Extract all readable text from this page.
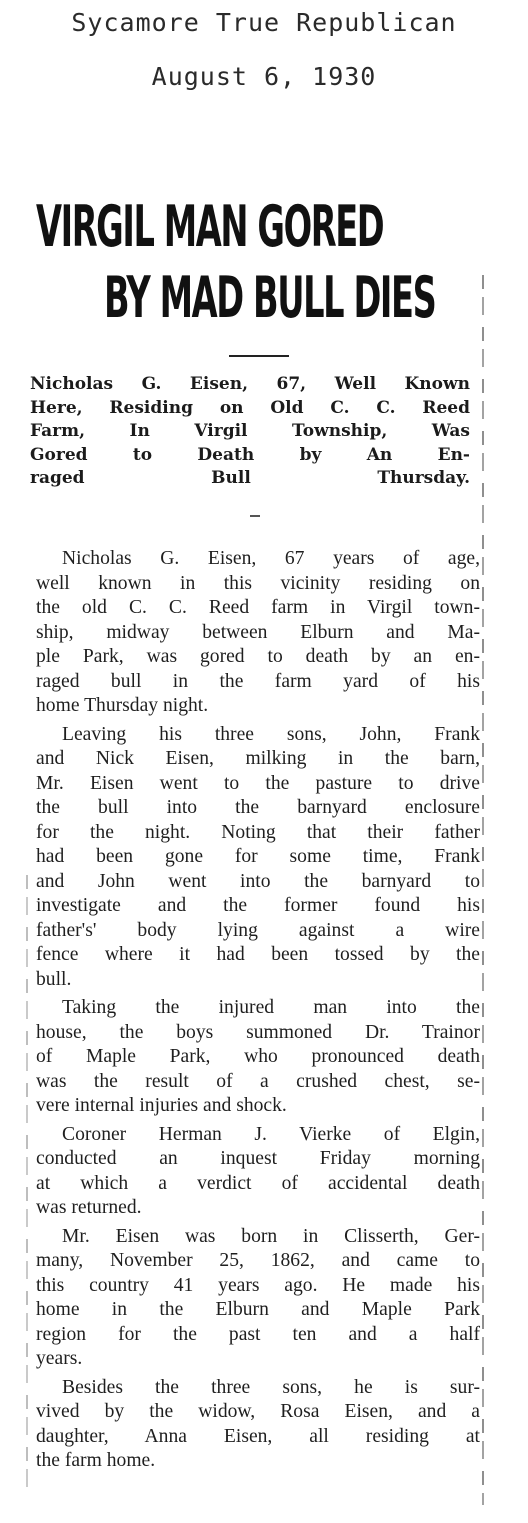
Sycamore True Republican
August 6, 1930
VIRGIL MAN GORED
BY MAD BULL DIES
Nicholas G. Eisen, 67, Well Known
Here, Residing on Old C. C. Reed
Farm, In Virgil Township, Was
Gored to Death by An En-
raged Bull Thursday.
Nicholas G. Eisen, 67 years of age,
well known in this vicinity residing on
the old C. C. Reed farm in Virgil town-
ship, midway between Elburn and Ma-
ple Park, was gored to death by an en-
raged bull in the farm yard of his
home Thursday night.
Leaving his three sons, John, Frank
and Nick Eisen, milking in the barn,
Mr. Eisen went to the pasture to drive
the bull into the barnyard enclosure
for the night. Noting that their father
had been gone for some time, Frank
and John went into the barnyard to
investigate and the former found his
father's' body lying against a wire
fence where it had been tossed by the
bull.
Taking the injured man into the
house, the boys summoned Dr. Trainor
of Maple Park, who pronounced death
was the result of a crushed chest, se-
vere internal injuries and shock.
Coroner Herman J. Vierke of Elgin,
conducted an inquest Friday morning
at which a verdict of accidental death
was returned.
Mr. Eisen was born in Clisserth, Ger-
many, November 25, 1862, and came to
this country 41 years ago. He made his
home in the Elburn and Maple Park
region for the past ten and a half
years.
Besides the three sons, he is sur-
vived by the widow, Rosa Eisen, and a
daughter, Anna Eisen, all residing at
the farm home.
